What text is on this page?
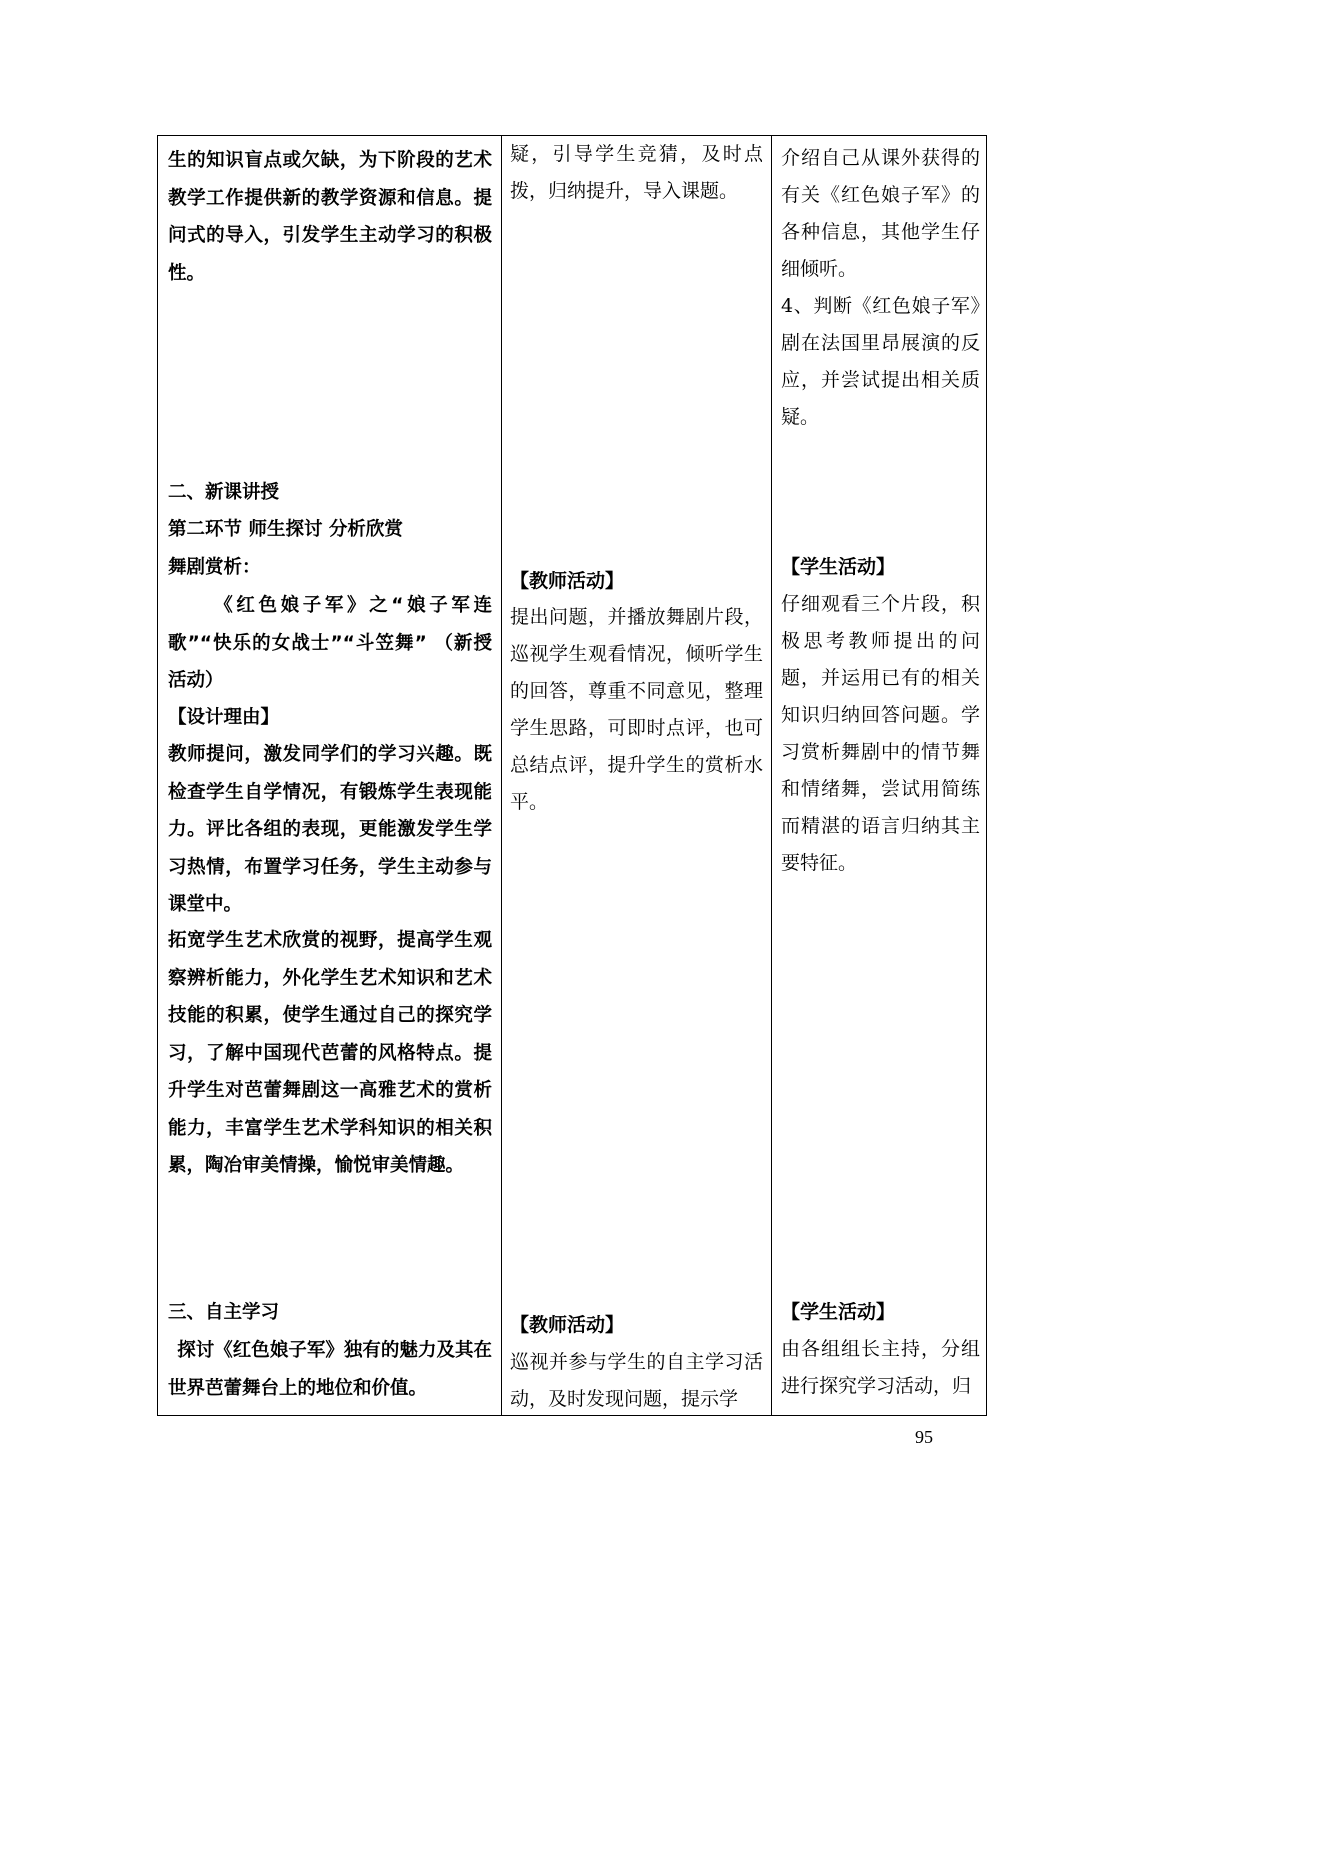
生的知识盲点或欠缺，为下阶段的艺术教学工作提供新的教学资源和信息。提问式的导入，引发学生主动学习的积极性。

二、新课讲授

第二环节 师生探讨 分析欣赏

舞剧赏析：

《红色娘子军》之“娘子军连歌”“快乐的女战士”“斗笠舞” （新授活动）

【设计理由】

教师提问，激发同学们的学习兴趣。既检查学生自学情况，有锻炼学生表现能力。评比各组的表现，更能激发学生学习热情，布置学习任务，学生主动参与课堂中。

拓宽学生艺术欣赏的视野，提高学生观察辨析能力，外化学生艺术知识和艺术技能的积累，使学生通过自己的探究学习，了解中国现代芭蕾的风格特点。提升学生对芭蕾舞剧这一高雅艺术的赏析能力，丰富学生艺术学科知识的相关积累，陶冶审美情操，愉悦审美情趣。

三、自主学习

探讨《红色娘子军》独有的魅力及其在世界芭蕾舞台上的地位和价值。

疑，引导学生竞猜，及时点拨，归纳提升，导入课题。

【教师活动】

提出问题，并播放舞剧片段，巡视学生观看情况，倾听学生的回答，尊重不同意见，整理学生思路，可即时点评，也可总结点评，提升学生的赏析水平。

【教师活动】

巡视并参与学生的自主学习活动，及时发现问题，提示学

介绍自己从课外获得的有关《红色娘子军》的各种信息，其他学生仔细倾听。

4、判断《红色娘子军》剧在法国里昂展演的反应，并尝试提出相关质疑。

【学生活动】

仔细观看三个片段，积极思考教师提出的问题，并运用已有的相关知识归纳回答问题。学习赏析舞剧中的情节舞和情绪舞，尝试用简练而精湛的语言归纳其主要特征。

【学生活动】

由各组组长主持，分组进行探究学习活动，归

95
